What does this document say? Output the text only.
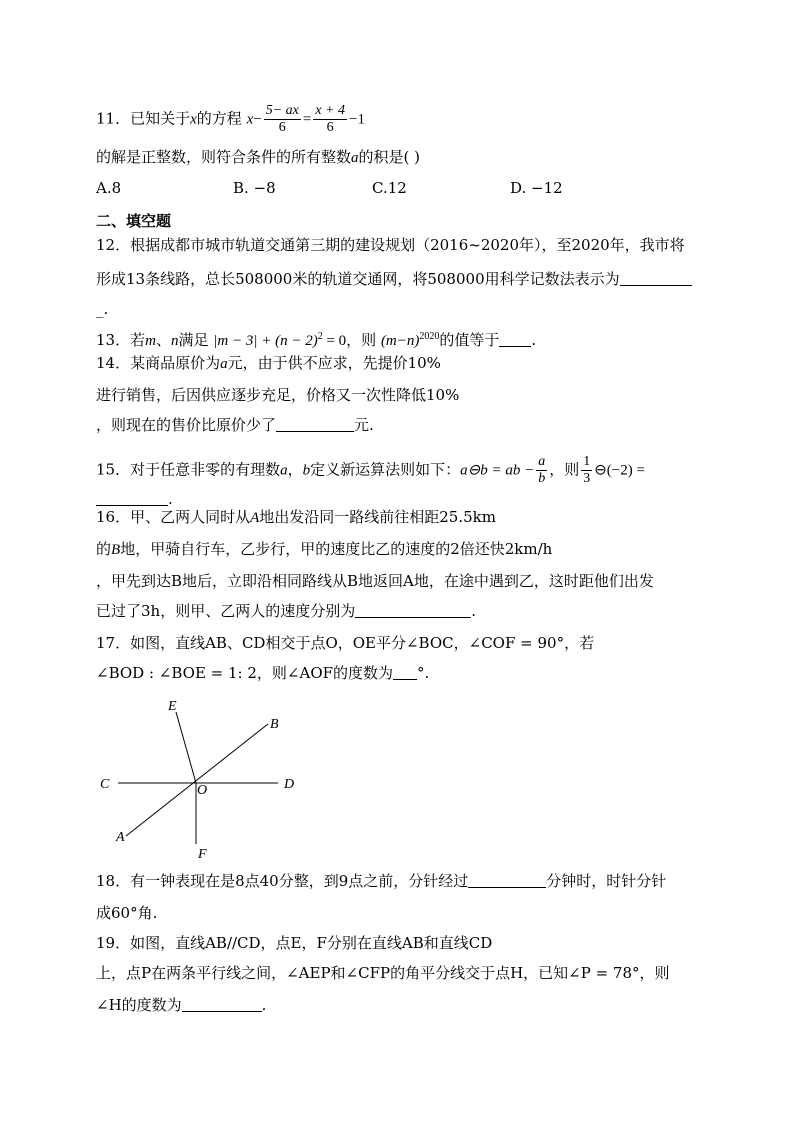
11．已知关于x的方程 $x- \frac{5- ax}{6} = \frac{x + 4}{6} -1$
的解是正整数，则符合条件的所有整数a的积是( )
A.8	B. −8	C.12	D. −12
二、填空题
12．根据成都市城市轨道交通第三期的建设规划（2016~2020年），至2020年，我市将
形成13条线路，总长508000米的轨道交通网，将508000用科学记数法表示为
_.
13．若m、n满足 $|m - 3| + (n - 2)^2 = 0$，则 $(m-n)^{2020}$的值等于 .
14．某商品原价为a元，由于供不应求，先提价10%
进行销售，后因供应逐步充足，价格又一次性降低10%
，则现在的售价比原价少了	元.
15．对于任意非零的有理数a，b定义新运算法则如下：a⊖b = ab − $\frac{a}{b}$ ，则 $\frac{1}{3}$ ⊖(−2) =
.
16．甲、乙两人同时从A地出发沿同一路线前往相距25.5km
的B地，甲骑自行车，乙步行，甲的速度比乙的速度的2倍还快2km/h
，甲先到达B地后，立即沿相同路线从B地返回A地，在途中遇到乙，这时距他们出发
已过了3h，则甲、乙两人的速度分别为	.
17．如图，直线AB、CD相交于点O，OE平分∠BOC，∠COF = 90°，若
∠BOD : ∠BOE = 1: 2，则∠AOF的度数为 °.
E
B
C	O	D
A
F
18．有一钟表现在是8点40分整，到9点之前，分针经过	分钟时，时针分针
成60°角.
19．如图，直线AB//CD，点E，F分别在直线AB和直线CD
上，点P在两条平行线之间，∠AEP和∠CFP的角平分线交于点H，已知∠P = 78°，则
∠H的度数为	.
